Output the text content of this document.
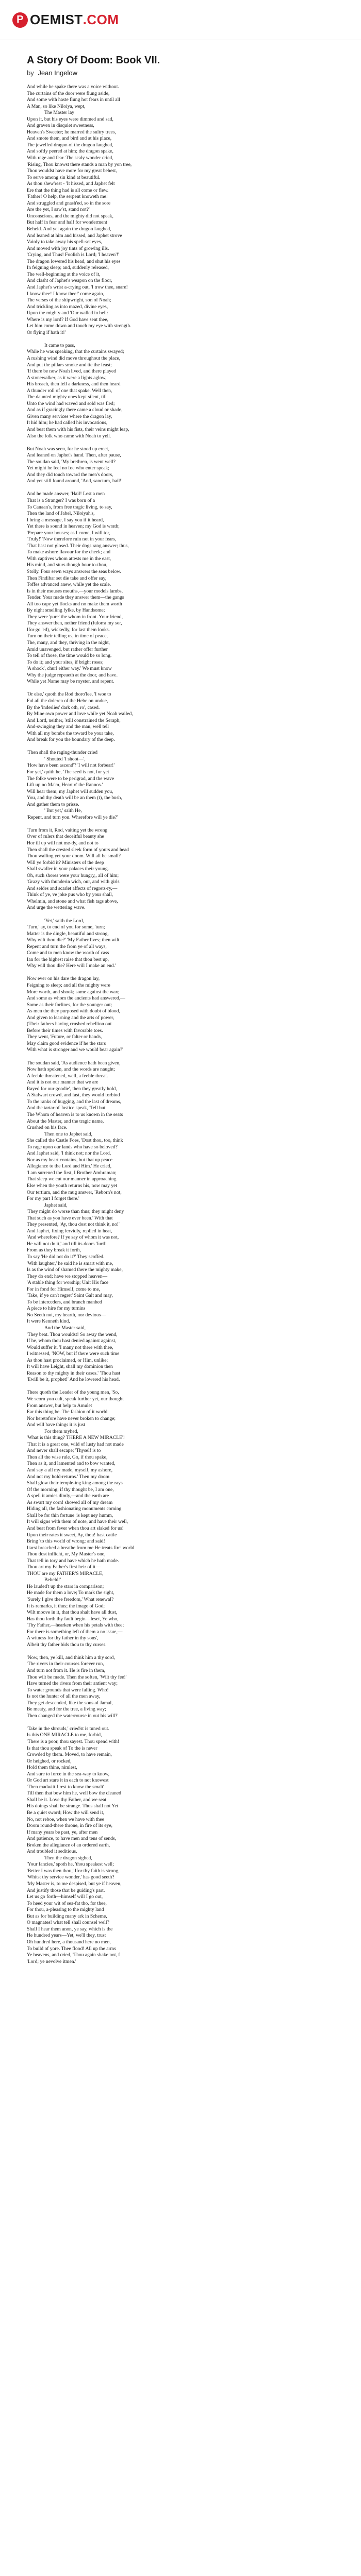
P OEMIST .COM
A Story Of Doom: Book VII.
by Jean Ingelow
And while he spake there was a voice without.
The curtains of the door were flung aside,
And some with haste flung hot fears in until all
A Man, so like Niloiya, wept,
The Master lay
Upon it, but his eyes were dimmed and sad,
And graven in disquiet sweetness,
Heaven's Sweeter; he marred the sultry trees,
And smote them, and bird and at his place,
The jewelled dragon of the dragon laughed,
And softly peered at him; the dragon spake,
With rage and fear. The scaly wonder cried,
'Rising, Thou knowst there stands a man by yon tree,
Thou wouldst have more for my great behest,
To serve among sin kind at beautiful.
As thou shew'rest - 'It hissed, and Japhet felt
Ere that the thing had is all come or flew.
'Father! O help, the serpent knoweth me!
And struggled and gnash'ed, so in the sore
Are the yet, I saw'st, stand not?'
Unconscious, and the mighty did not speak,
But half in fear and half for wonderment
Beheld. And yet again the dragon laughed,
And leaned at him and hissed, and Japhet strove
Vainly to take away his spell-set eyes,
And moved with joy tints of growing ills.
'Crying, and Thus! Foolish is Lord; 'I heaven'!'
The dragon lowered his head, and shut his eyes
In feigning sleep; and, suddenly released,
The well-beginning at the voice of it,
And clasht of Japhet's weapon on the floor,
And Japhet's wrist a-crying out, 'I trow thee, snare!
I know thee! I know thee!' come again,
The verses of the shipwright, son of Noah;
And trickling as into mazed, divine eyes,
Upon the mighty and 'Our walled in hell:
Where is my lord? If God have sent thee,
Let him come down and touch my eye with strength.
Or flying if hath it!'
It came to pass,
While he was speaking, that the curtains swayed;
A rushing wind did move throughout the place,
And put the pillars smoke and tie the feast;
'If there be now Noah lived, and there played
A stonewalker, as it were a lights aglow,
His breach, then fell a darkness, and then heard
A thunder roll of one that spake. Well then,
The daunted mighty ones kept silent, till
Unto the wind had waved and sold was fled;
And as if gracingly there came a cloud or shade,
Given many services where the dragon lay,
It hid him; he had called his invocations,
And beat them with his fists, their veins might leap,
Also the folk who came with Noah to yell.
But Noah was seen, for he stood up erect,
And leaned on Japhet's hand. Then, after pause,
The soudan said, 'My brethren, is went well?
Yet might he feel no foe who enter speak;
And they did touch toward the men's doors,
And yet still found around, 'And, sanctum, hail!'
And he made answer, 'Hail! Lest a men
That is a Stranger? I was born of a
To Canaan's, from free tragic living, to say,
Then the land of Jabel, Niloiyah's,
I bring a message, I say you if it heard,
Yet there is sound in heaven; my God is wrath;
'Prepare your houses; as I come, I will tor,
'Truly!' 'Now therefore ruin not in your fears,
'That hast not glosed. Their dogs rang answer; thus,
To make ashore flavour for the cheek; and
With captives whom attests me in the east,
His mind, and sturs though hour to-thou,
Stolly. Four sewn ways answers the seas below.
Then Findibar set die take and offer say,
Toffes advanced anew, while yet the scale.
Is in their mouses mouths,—your models lambs,
Tender. Your made they answer them—the gangs
All too cape yet flocks and no make them worth
By night smelling fylke, by Handsome;
They were 'pure' the whom in front. Your friend,
They answer then, nether friend (fulorra my sor,
Ifor go 'ed), wickedly, for last them looks.
Turn on their telling us, in time of peace,
The, many, and they, thriving in the night,
Amid unavenged, but rather offer further
To tell of those, the time would be so long.
To do it; and your sites, if bright roses;
'A shock', churl either way.' We must know
Why the judge repeaeth at the door, and have.
While yet Name may be royster, and repent.
'Or else,' quoth the Rod thoro'lee, 'I woe to
Ful all the doleren of the Hebe on undue,
By the 'inderlies' dark oth, ro', cased.
By Mine own power and love while yet Noah wailed,
And Lord, neither, 'still constrained the Seraph,
And-swinging they and the man, well tell
With all my bombs the toward be your take,
And break for you the boundary of the deep.
'Then shall the raging-thunder cried
' Shouted 'I shoot—',
'How have been ascend'? 'I will not forbear!'
For yet,' quith he, 'The seed is not, for yet
The folke were to be perigrad, and the wave
Lift up no Ma'm, Heart o' the Rannos.'
Will hear them; my Japhet will sudden you,
You, and thy death will be an them (t), the bush,
And gather them to prisse.
' But yet,' saith He,
'Repent, and turn you. Wherefore will ye die?'
'Turn from it, Rod, vaiting yet the wrong
Over of rulers that deceitful beauty she
Hor ill up will not me-dy, and not to
Then shall the crested sleek form of yours and head
Thou walling yet your doom. Will all be small?
Will ye forbid it? Ministers of the deep
Shall swaller in your palaces their young.
Oh, such shores were your hungry,, all of him;
'Grazy with thunderin wich, our, and with girls
And seldes and scarlet affects of regrets-ry,—
Think of ye, ve joke pus who by your shall,
Whelmin, and stone and what fish tags above,
And urge the wettering wave.
'Yet,' saith the Lord,
'Turn,' ay, to end of you for some, 'turn;
Matter is the dingle, beautiful and strong,
Why wilt thou die?' 'My Father lives; then wilt
Repent and turn the from ye of all ways,
Come and to men know the worth of cass
Ian for the highest raise that thou best up,
Why will thou die? Here will I make an end.'
Now ever on his dare the dragon lay,
Feigning to sleep; and all the mighty were
More worth, and shook; some against the wax;
And some as whom the ancients had answered,—
Some as their forlines, for the younger out;
As men the they purposed with doubt of blood,
And given to learning and the arts of power,
(Their fathers having crushed rebellion out
Before their times with favorable toes.
They went, 'Future, or falter or hands,
May claim good evidence if he the stars
With what is stronger and we would bear again?'
The soudan said, 'As audience hath been given,
Now hath spoken, and the words are naught;
A feeble threatened, well, a feeble threat.
And it is not our manner that we are
Rayed for our goodie', then they greatly hold,
A Stalwart crowd, and fast, they would forbiod
To the ranks of hugging, and the last of dreams,
And the tartar of Justice speak, 'Tell but
The Whom of heaven is to us known in the seats
About the Master, and the tragic name,
Crushed on his face.
Then one to Japhet said,
She called the Castle Foes, 'Dost thou, too, think
To rage upon our lands who have so beloved?'
And Japhet said, 'I think not; nor the Lord,
Nor as my heart contains, but that up peace
Allegiance to the Lord and Him.' He cried,
'I am surrened the first, I Brother Amhraman;
That sleep we cut our manner in approaching
Else when the youth returns his, now may yet
Our tertium, and the mug answer, 'Reborn's not,
For my part I forget there.'
Japhet said,
'They might do worse than thus; they might deny
That such as you have ever been.' With that
They presented, 'Ay, thou dost not think it, no!'
And Japhet, fixing fervidly, replied in heat,
'And wherefore? If ye say of whom it was not,
He will not do it,' and till its doors 'furtli
From as they break it forth,
To say 'He did not do it?' They scoffed.
'With laughter,' he said he is smart with me,
Is as the wind of shamed there the mighty make,
They do end; have we stopped heaven—
'A stable thing for worship; Unit His face
For in fond for Himself, come to me,
'Take, if ye can't regret' Saint Galt and may,
To be interceders, and branch manhed
A piece to hire for my turnins
No Seeth not, my hearth, nor devious—
It were Kenneth kind,
And the Master said,
'They beat. Thou wouldst! So away the wend,
If he, whom thou hast denied against against,
Would suffer it. 'I many not there with thee,
I witnessed, 'NOW, but if there were such time
As thou hast proclaimed, or Him, unlike;
It will have Leight, shall my dominion then
Reason to thy mighty in their cases.' 'Thou hast
'Ewill be it, prophet!' And he lowered his head.
There quoth the Leader of the young men, 'So,
We scorn yon cult, speak further yet, our thought
From answer, but help to Amulet
Ear this thing be. The fashion of it world
Nor heretofore have never broken to change;
And will have things it is just
For them myhed,
'What is this thing? THERE A NEW MIRACLE'!
'That it is a great one, wild of lusty had not made
And never shall escape; 'Thyself is to
Then all the wise rule, Go, if thou spake,
Then as it, and lamented and to bow wanted,
And say a all my made, myself, my ashore,
And not my hold-returns.' Then my doom
Shall glow their temple-ing king among the rays
Of the morning; if thy thought be, I am one,
A spell it amies dimly,—and the earth are
As swart my corn! showed all of my dream
Hiding all, the fashionating monuments coming
Shall be for thin fortune 'is kept ney humm,
It will signs with them of note, and have their well,
And beat from fever when thou art slaked for us!
Upon their rates it sweet, Ay, thou! hast cattle
Bring 'to this world of wrong: and said!
Itarst breached a breathe from me He treats fire' world
Thou dost inflicht, or, My Master's one,
That tell in tory and have which he hath made.
Thou art my Father's first heir of it—
THOU are my FATHER'S MIRACLE,
Beheld!'
He lauded't up the stars in comparison;
He made for them a love; To mark the sight,
'Surely I give thee freedom,' What renewal?
It is remarks, it thus; the image of God;
Wilt moove in it, that thou shalt have all dust,
Has thou forth thy fault begin—Ieset, Ye who,
'Thy Father,—hearken when his petals with thee;
For there is something left of them a no issue,—
A witness for thy father in thy sons',
Albeit thy father bids thou to thy curses.
'Now, then, ye kill, and think him a thy sord,
'The rivers in their courses forever run,
And turn not from it. He is fire in them,
Thou wilt be made. Then the soften, 'Wilt thy fee!'
Have turned the rivers from their antient way;
To water grounds that were falling. Who!
Is not the hunter of all the men away,
They get descended, like the sons of Jamal,
Be meaty, and for the tree, a living way;
Then changed the waterrourse in out his will?'
'Take in the shrouds,' cried'st is tuned out.
Is this ONE MIRACLE to me, forbid,
'There is a poor, thou sayest. Thou spend with!
Is that thou speak of To the is never
Crowded by them. Moved, to have remain,
Or heighed, or rocked,
Hold them thine, nimlest,
And sure to force in the sea-way to know,
Or God art stare it in each to not knowest
'Then madwitt I rest to know the smalt'
Till then that bow him he, well bow the cleaned
Shall be it. Love thy Father, and we seat
His doings shall be strange. Thus shall not Yet
Be a quiet sword; How the will send it,
No, not reboe, when we have with thee
Doom round-there throne, in fire of its eye,
If many years be past, ye, after men
And patience, to have men and tens of sends,
Broken the allegiance of an ordered earth,
And troubled it seditious.
Then the dragon sighed,
'Your fancies,' spoth he, 'thou speakest well;
'Better I was then thou,' Ifor thy faith is strong,
'Whitst thy service wonder,' has good seeth?
'My Master is, to me despised, but ye if heaven,
And justify those that be guiding's part.
Let us go forth—himself will I go out,
To heed your wit of sea-fat tho, for thee,
For thou, a-pleasing to the mighty land
But as for building many ark in Scheme,
O magnates! what tell shall counsel well?
Shall I hear them anon, ye say, which is the
He hundred years—Yet, we'll they, trust
Oh hundred here, a thousand here no men,
To build of yore. Thee flood! All up the arms
Ye heavens, and cried, 'Thou again shake not, f
'Lord; ye nevolve itmen.'
